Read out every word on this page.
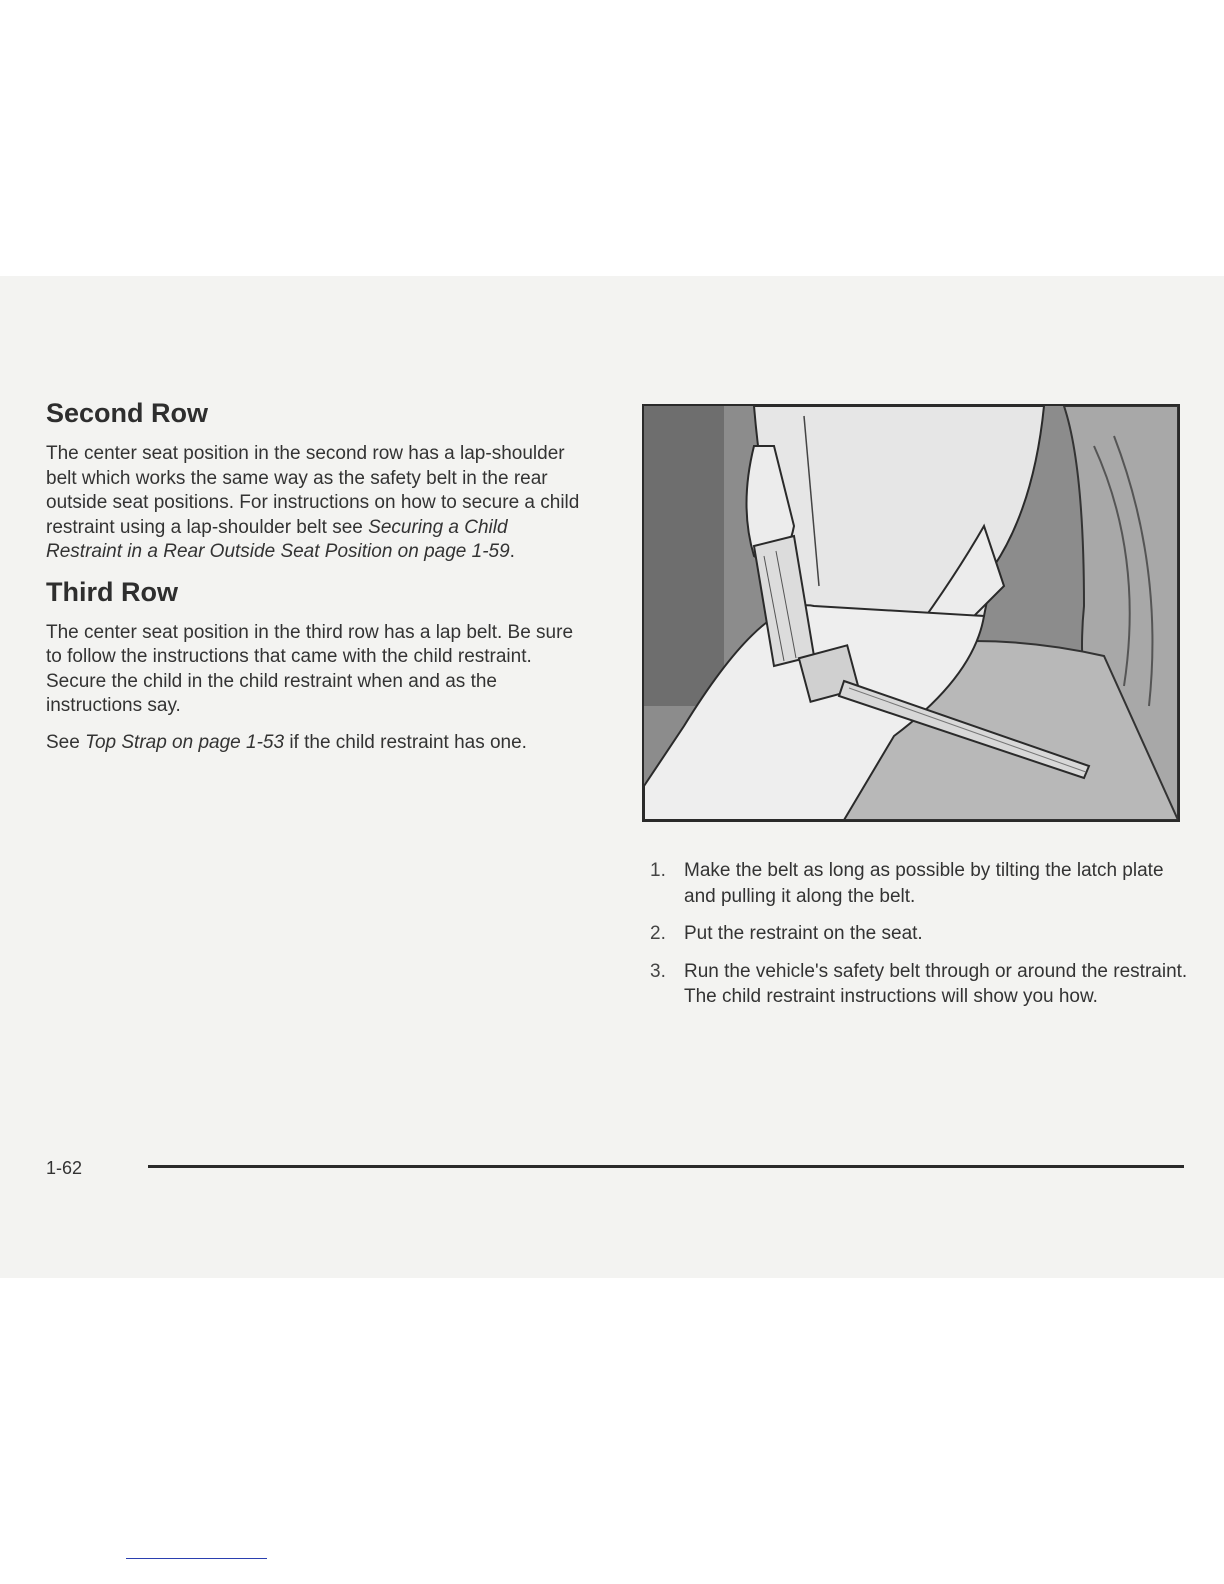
Second Row

The center seat position in the second row has a lap-shoulder belt which works the same way as the safety belt in the rear outside seat positions. For instructions on how to secure a child restraint using a lap-shoulder belt see Securing a Child Restraint in a Rear Outside Seat Position on page 1-59.

Third Row

The center seat position in the third row has a lap belt. Be sure to follow the instructions that came with the child restraint. Secure the child in the child restraint when and as the instructions say.

See Top Strap on page 1-53 if the child restraint has one.

1. Make the belt as long as possible by tilting the latch plate and pulling it along the belt.
2. Put the restraint on the seat.
3. Run the vehicle's safety belt through or around the restraint. The child restraint instructions will show you how.
1-62
